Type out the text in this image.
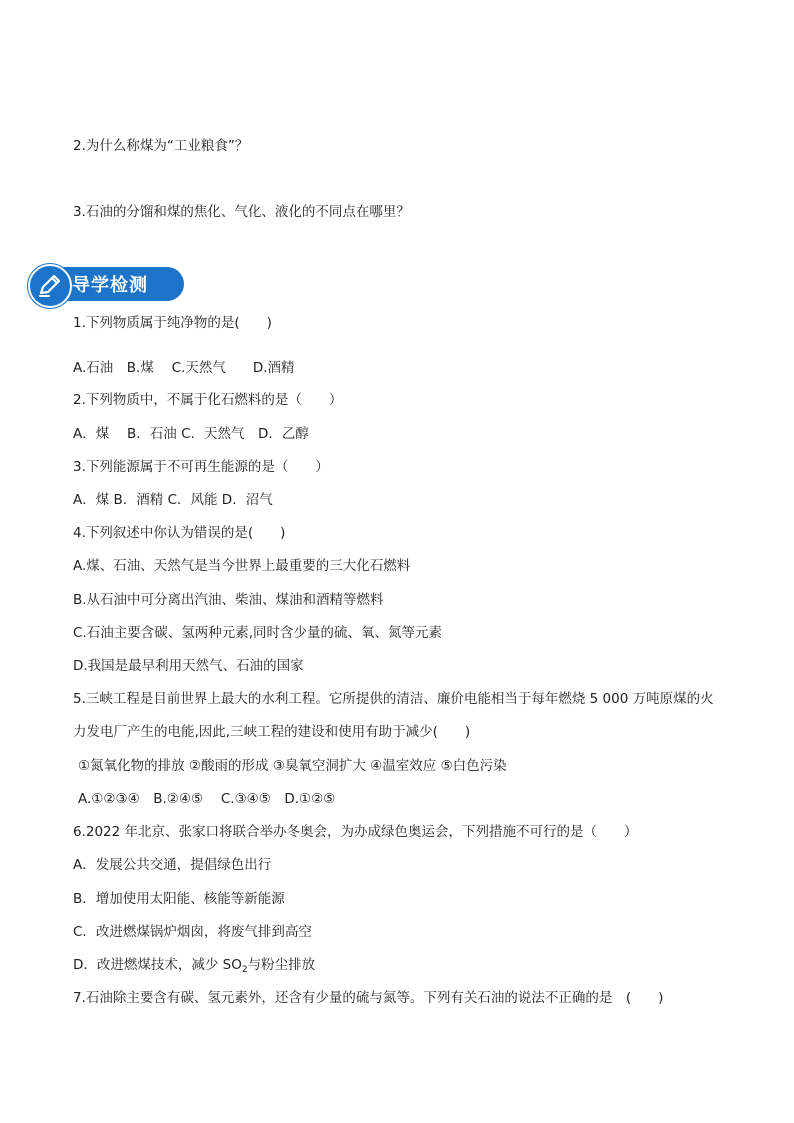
2.为什么称煤为“工业粮食”？
3.石油的分馏和煤的焦化、气化、液化的不同点在哪里？
导学检测
1.下列物质属于纯净物的是(　　)
A.石油　B.煤　 C.天然气　　D.酒精
2.下列物质中，不属于化石燃料的是（　　）
A．煤　 B．石油 C．天然气　D．乙醇
3.下列能源属于不可再生能源的是（　　）
A．煤 B．酒精 C．风能 D．沼气
4.下列叙述中你认为错误的是(　　)
A.煤、石油、天然气是当今世界上最重要的三大化石燃料
B.从石油中可分离出汽油、柴油、煤油和酒精等燃料
C.石油主要含碳、氢两种元素,同时含少量的硫、氧、氮等元素
D.我国是最早利用天然气、石油的国家
5.三峡工程是目前世界上最大的水利工程。它所提供的清洁、廉价电能相当于每年燃烧 5 000 万吨原煤的火
力发电厂产生的电能,因此,三峡工程的建设和使用有助于减少(　　)
①氮氧化物的排放 ②酸雨的形成 ③臭氧空洞扩大 ④温室效应 ⑤白色污染
A.①②③④　B.②④⑤　 C.③④⑤　D.①②⑤
6.2022 年北京、张家口将联合举办冬奥会，为办成绿色奥运会，下列措施不可行的是（　　）
A．发展公共交通，提倡绿色出行
B．增加使用太阳能、核能等新能源
C．改进燃煤锅炉烟囱，将废气排到高空
D．改进燃煤技术，减少 $SO_2$与粉尘排放
7.石油除主要含有碳、氢元素外，还含有少量的硫与氮等。下列有关石油的说法不正确的是　(　　)
